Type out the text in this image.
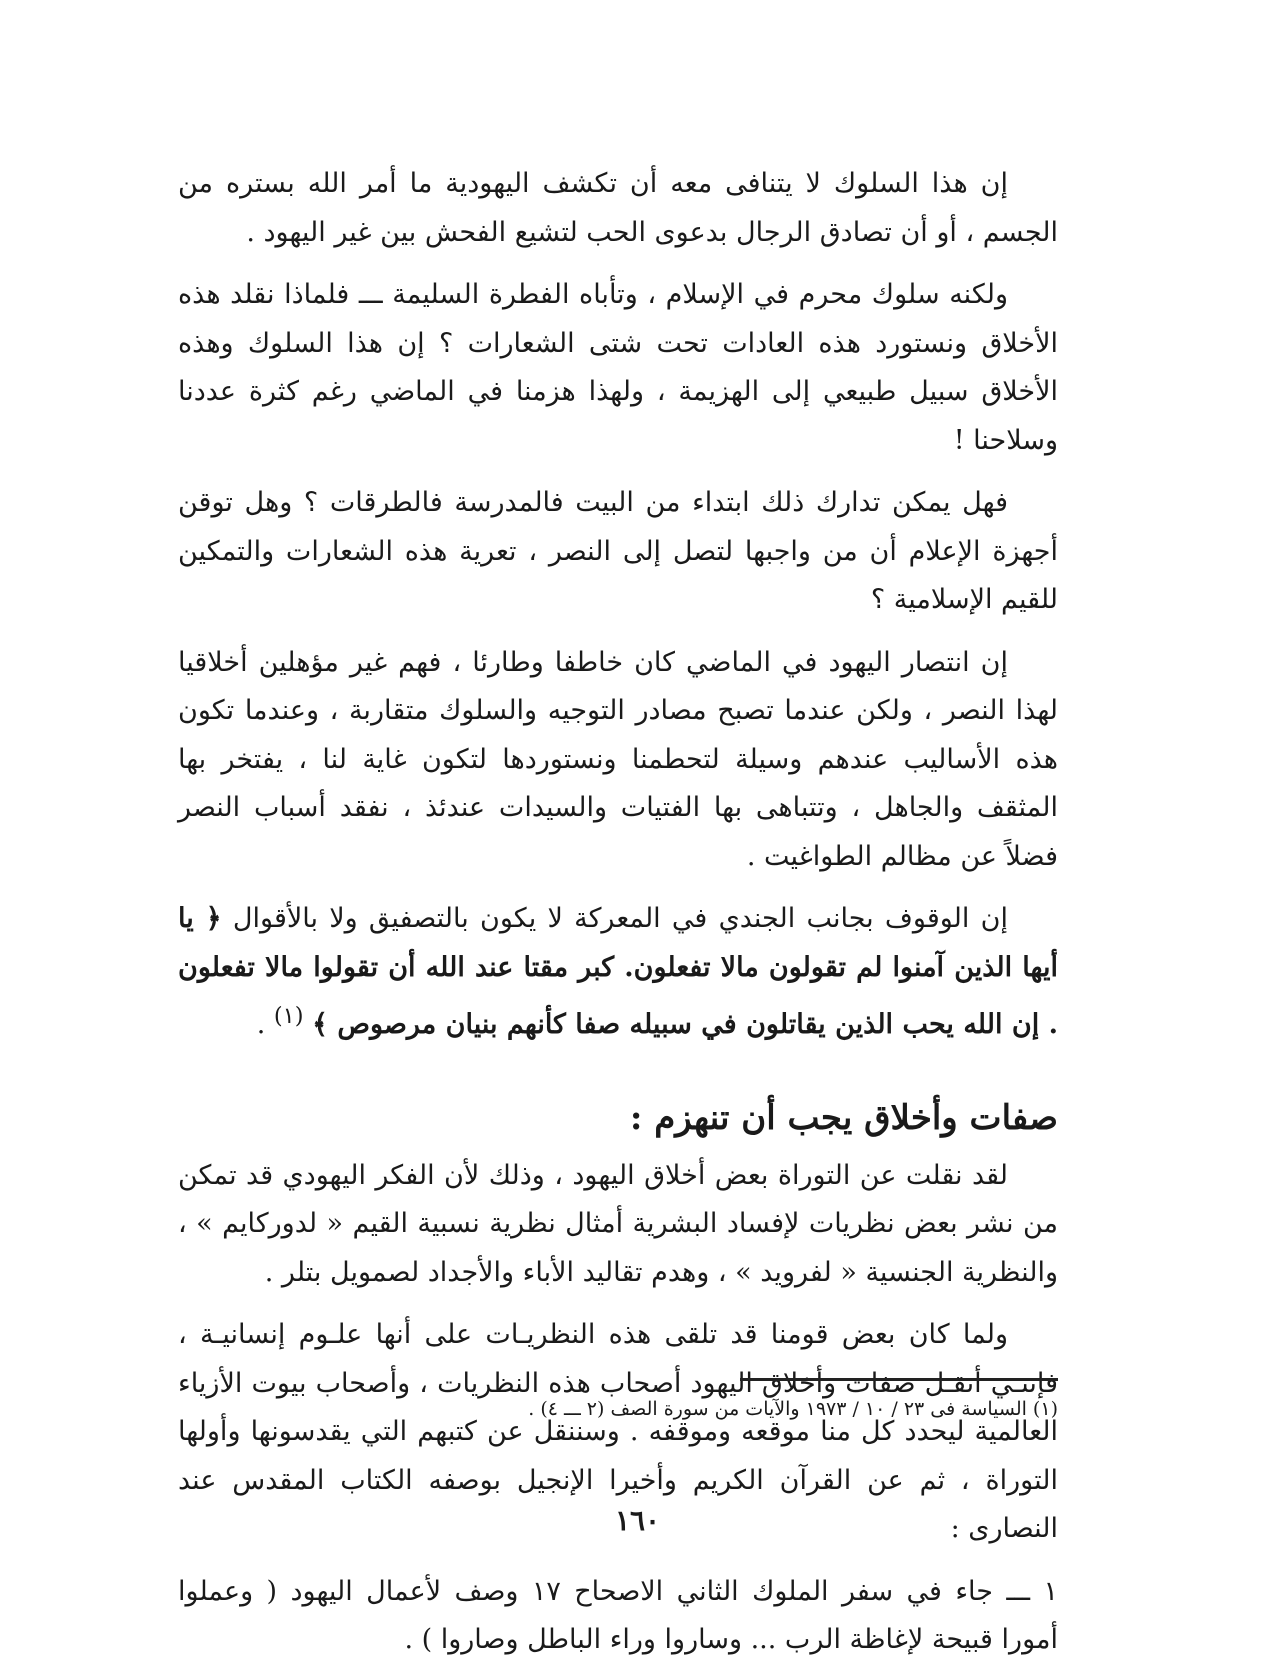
إن هذا السلوك لا يتنافى معه أن تكشف اليهودية ما أمر الله بستره من الجسم ، أو أن تصادق الرجال بدعوى الحب لتشيع الفحش بين غير اليهود .

ولكنه سلوك محرم في الإسلام ، وتأباه الفطرة السليمة ـــ فلماذا نقلد هذه الأخلاق ونستورد هذه العادات تحت شتى الشعارات ؟ إن هذا السلوك وهذه الأخلاق سبيل طبيعي إلى الهزيمة ، ولهذا هزمنا في الماضي رغم كثرة عددنا وسلاحنا !

فهل يمكن تدارك ذلك ابتداء من البيت فالمدرسة فالطرقات ؟ وهل توقن أجهزة الإعلام أن من واجبها لتصل إلى النصر ، تعرية هذه الشعارات والتمكين للقيم الإسلامية ؟

إن انتصار اليهود في الماضي كان خاطفا وطارئا ، فهم غير مؤهلين أخلاقيا لهذا النصر ، ولكن عندما تصبح مصادر التوجيه والسلوك متقاربة ، وعندما تكون هذه الأساليب عندهم وسيلة لتحطمنا ونستوردها لتكون غاية لنا ، يفتخر بها المثقف والجاهل ، وتتباهى بها الفتيات والسيدات عندئذ ، نفقد أسباب النصر فضلاً عن مظالم الطواغيت .

إن الوقوف بجانب الجندي في المعركة لا يكون بالتصفيق ولا بالأقوال ﴿ يا أيها الذين آمنوا لم تقولون مالا تفعلون. كبر مقتا عند الله أن تقولوا مالا تفعلون . إن الله يحب الذين يقاتلون في سبيله صفا كأنهم بنيان مرصوص ﴾ $^{(١)}$ .

صفات وأخلاق يجب أن تنهزم :

لقد نقلت عن التوراة بعض أخلاق اليهود ، وذلك لأن الفكر اليهودي قد تمكن من نشر بعض نظريات لإفساد البشرية أمثال نظرية نسبية القيم « لدوركايم » ، والنظرية الجنسية « لفرويد » ، وهدم تقاليد الأباء والأجداد لصمويل بتلر .

ولما كان بعض قومنا قد تلقى هذه النظريـات على أنها علـوم إنسانيـة ، فإننـي أنقـل صفات وأخلاق اليهود أصحاب هذه النظريات ، وأصحاب بيوت الأزياء العالمية ليحدد كل منا موقعه وموقفه . وسننقل عن كتبهم التي يقدسونها وأولها التوراة ، ثم عن القرآن الكريم وأخيرا الإنجيل بوصفه الكتاب المقدس عند النصارى :

١ ـــ جاء في سفر الملوك الثاني الاصحاح ١٧ وصف لأعمال اليهود ( وعملوا أمورا قبيحة لإغاظة الرب ... وساروا وراء الباطل وصاروا ) .

(١) السياسة فى ٢٣ / ١٠ / ١٩٧٣ والآيات من سورة الصف (٢ ـــ ٤) .
١٦٠
